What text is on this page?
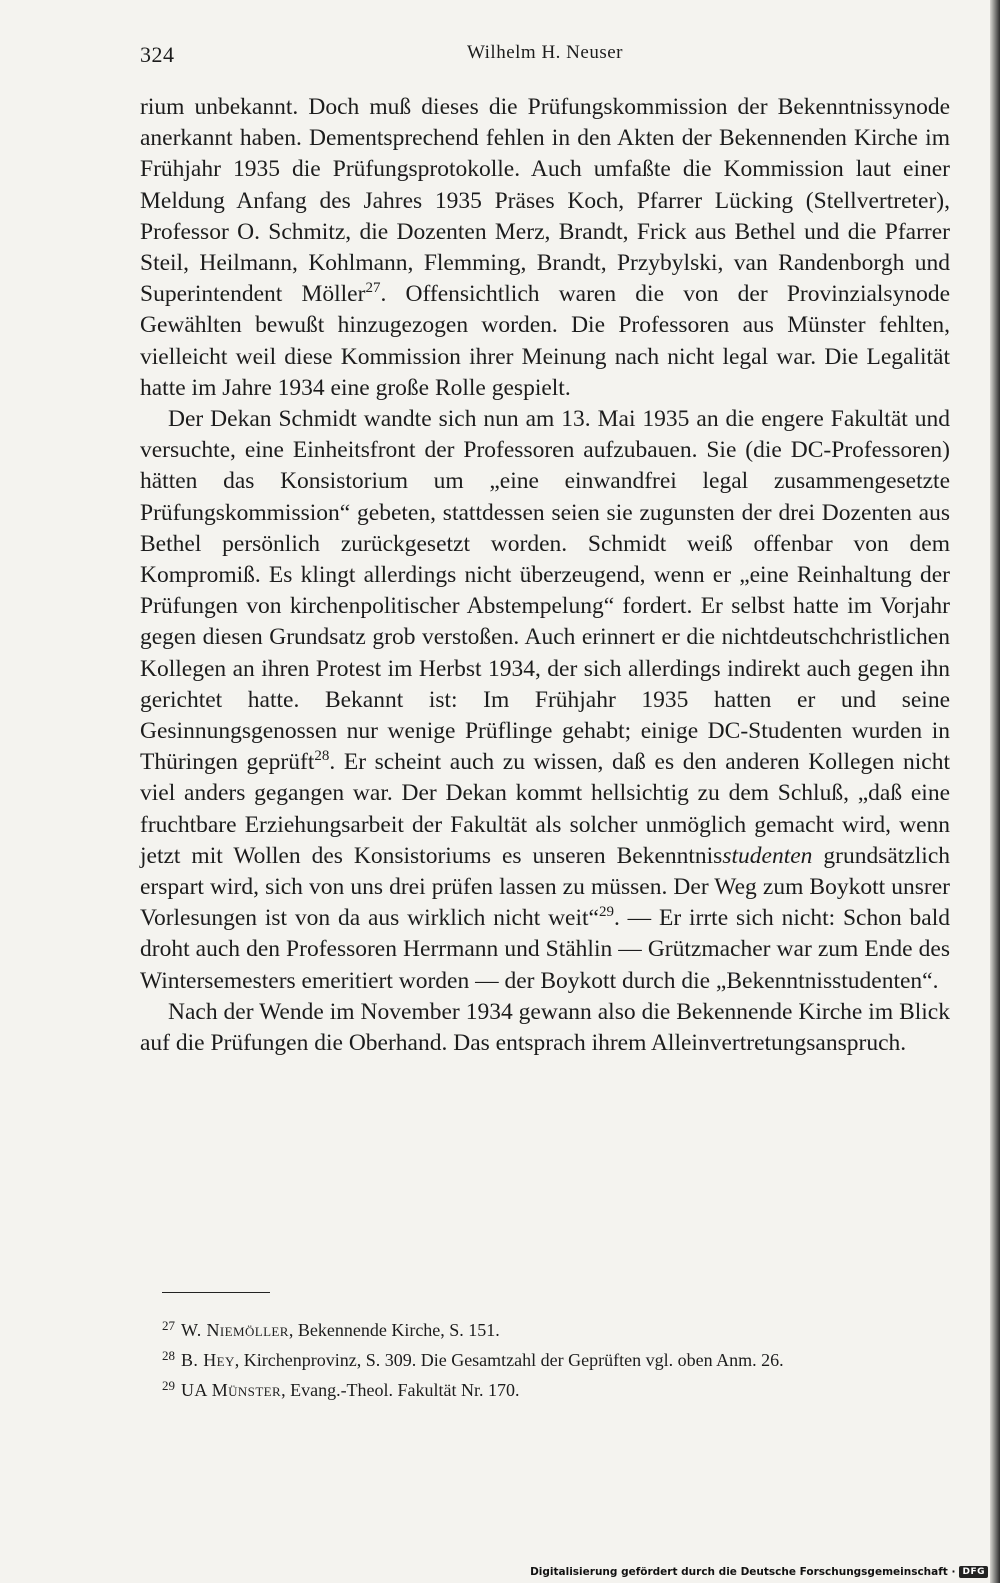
324	Wilhelm H. Neuser

rium unbekannt. Doch muß dieses die Prüfungskommission der Bekenntnissynode anerkannt haben. Dementsprechend fehlen in den Akten der Bekennenden Kirche im Frühjahr 1935 die Prüfungsprotokolle. Auch umfaßte die Kommission laut einer Meldung Anfang des Jahres 1935 Präses Koch, Pfarrer Lücking (Stellvertreter), Professor O. Schmitz, die Dozenten Merz, Brandt, Frick aus Bethel und die Pfarrer Steil, Heilmann, Kohlmann, Flemming, Brandt, Przybylski, van Randenborgh und Superintendent Möller$^{27}$. Offensichtlich waren die von der Provinzialsynode Gewählten bewußt hinzugezogen worden. Die Professoren aus Münster fehlten, vielleicht weil diese Kommission ihrer Meinung nach nicht legal war. Die Legalität hatte im Jahre 1934 eine große Rolle gespielt.

Der Dekan Schmidt wandte sich nun am 13. Mai 1935 an die engere Fakultät und versuchte, eine Einheitsfront der Professoren aufzubauen. Sie (die DC-Professoren) hätten das Konsistorium um „eine einwandfrei legal zusammengesetzte Prüfungskommission“ gebeten, stattdessen seien sie zugunsten der drei Dozenten aus Bethel persönlich zurückgesetzt worden. Schmidt weiß offenbar von dem Kompromiß. Es klingt allerdings nicht überzeugend, wenn er „eine Reinhaltung der Prüfungen von kirchenpolitischer Abstempelung“ fordert. Er selbst hatte im Vorjahr gegen diesen Grundsatz grob verstoßen. Auch erinnert er die nichtdeutschchristlichen Kollegen an ihren Protest im Herbst 1934, der sich allerdings indirekt auch gegen ihn gerichtet hatte. Bekannt ist: Im Frühjahr 1935 hatten er und seine Gesinnungsgenossen nur wenige Prüflinge gehabt; einige DC-Studenten wurden in Thüringen geprüft$^{28}$. Er scheint auch zu wissen, daß es den anderen Kollegen nicht viel anders gegangen war. Der Dekan kommt hellsichtig zu dem Schluß, „daß eine fruchtbare Erziehungsarbeit der Fakultät als solcher unmöglich gemacht wird, wenn jetzt mit Wollen des Konsistoriums es unseren Bekenntnisstudenten grundsätzlich erspart wird, sich von uns drei prüfen lassen zu müssen. Der Weg zum Boykott unsrer Vorlesungen ist von da aus wirklich nicht weit“$^{29}$. — Er irrte sich nicht: Schon bald droht auch den Professoren Herrmann und Stählin — Grützmacher war zum Ende des Wintersemesters emeritiert worden — der Boykott durch die „Bekenntnisstudenten“.

Nach der Wende im November 1934 gewann also die Bekennende Kirche im Blick auf die Prüfungen die Oberhand. Das entsprach ihrem Alleinvertretungsanspruch.

$^{27}$ W. Niemöller, Bekennende Kirche, S. 151.

$^{28}$ B. Hey, Kirchenprovinz, S. 309. Die Gesamtzahl der Geprüften vgl. oben Anm. 26.

$^{29}$ UA Münster, Evang.-Theol. Fakultät Nr. 170.

Digitalisierung gefördert durch die Deutsche Forschungsgemeinschaft · DFG
